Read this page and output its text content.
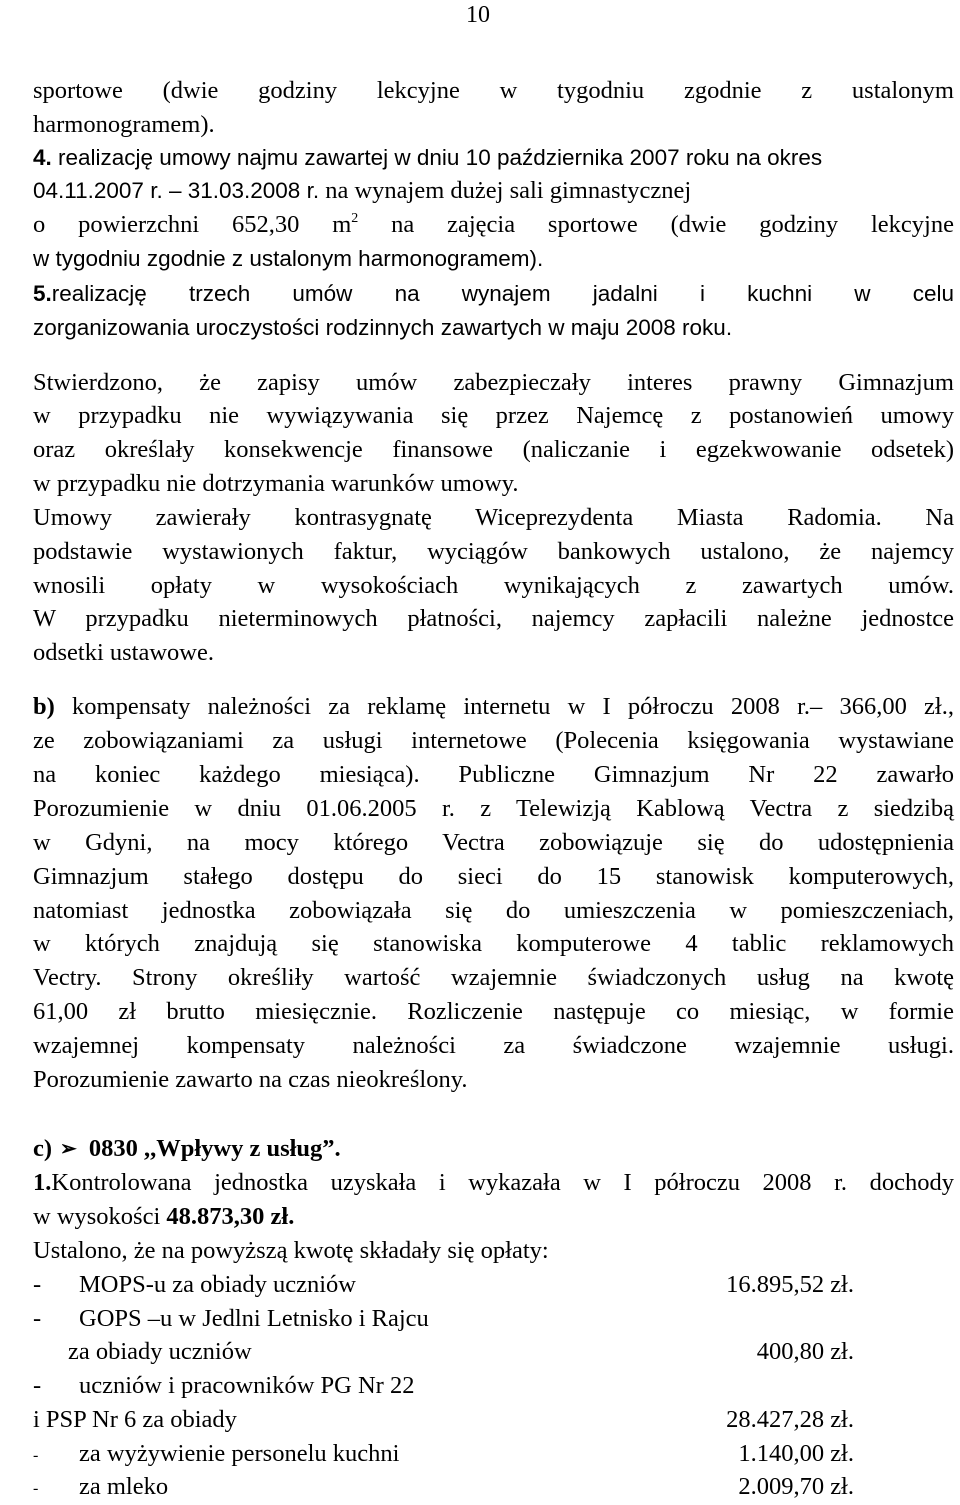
10
sportowe (dwie godziny lekcyjne w tygodniu zgodnie z ustalonym
harmonogramem).
4. realizację umowy najmu zawartej w dniu 10 października 2007 roku na okres
04.11.2007 r. – 31.03.2008 r. na wynajem dużej sali gimnastycznej
o powierzchni 652,30 $m^2$ na zajęcia sportowe (dwie godziny lekcyjne
w tygodniu zgodnie z ustalonym harmonogramem).
5.realizację trzech umów na wynajem jadalni i kuchni w celu
zorganizowania uroczystości rodzinnych zawartych w maju 2008 roku.
Stwierdzono, że zapisy umów zabezpieczały interes prawny Gimnazjum
w przypadku nie wywiązywania się przez Najemcę z postanowień umowy
oraz określały konsekwencje finansowe (naliczanie i egzekwowanie odsetek)
w przypadku nie dotrzymania warunków umowy.
Umowy zawierały kontrasygnatę Wiceprezydenta Miasta Radomia. Na
podstawie wystawionych faktur, wyciągów bankowych ustalono, że najemcy
wnosili opłaty w wysokościach wynikających z zawartych umów.
W przypadku nieterminowych płatności, najemcy zapłacili należne jednostce
odsetki ustawowe.
b) kompensaty należności za reklamę internetu w I półroczu 2008 r.– 366,00 zł.,
ze zobowiązaniami za usługi internetowe (Polecenia księgowania wystawiane
na koniec każdego miesiąca). Publiczne Gimnazjum Nr 22 zawarło
Porozumienie w dniu 01.06.2005 r. z Telewizją Kablową Vectra z siedzibą
w Gdyni, na mocy którego Vectra zobowiązuje się do udostępnienia
Gimnazjum stałego dostępu do sieci do 15 stanowisk komputerowych,
natomiast jednostka zobowiązała się do umieszczenia w pomieszczeniach,
w których znajdują się stanowiska komputerowe 4 tablic reklamowych
Vectry. Strony określiły wartość wzajemnie świadczonych usług na kwotę
61,00 zł brutto miesięcznie. Rozliczenie następuje co miesiąc, w formie
wzajemnej kompensaty należności za świadczone wzajemnie usługi.
Porozumienie zawarto na czas nieokreślony.
c) ➢ 0830 ,,Wpływy z usług”.
1.Kontrolowana jednostka uzyskała i wykazała w I półroczu 2008 r. dochody
w wysokości 48.873,30 zł.
Ustalono, że na powyższą kwotę składały się opłaty:
- MOPS-u za obiady uczniów	16.895,52 zł.
- GOPS –u w Jedlni Letnisko i Rajcu
za obiady uczniów	400,80 zł.
- uczniów i pracowników PG Nr 22
i PSP Nr 6 za obiady	28.427,28 zł.
- za wyżywienie personelu kuchni	1.140,00 zł.
- za mleko	2.009,70 zł.
